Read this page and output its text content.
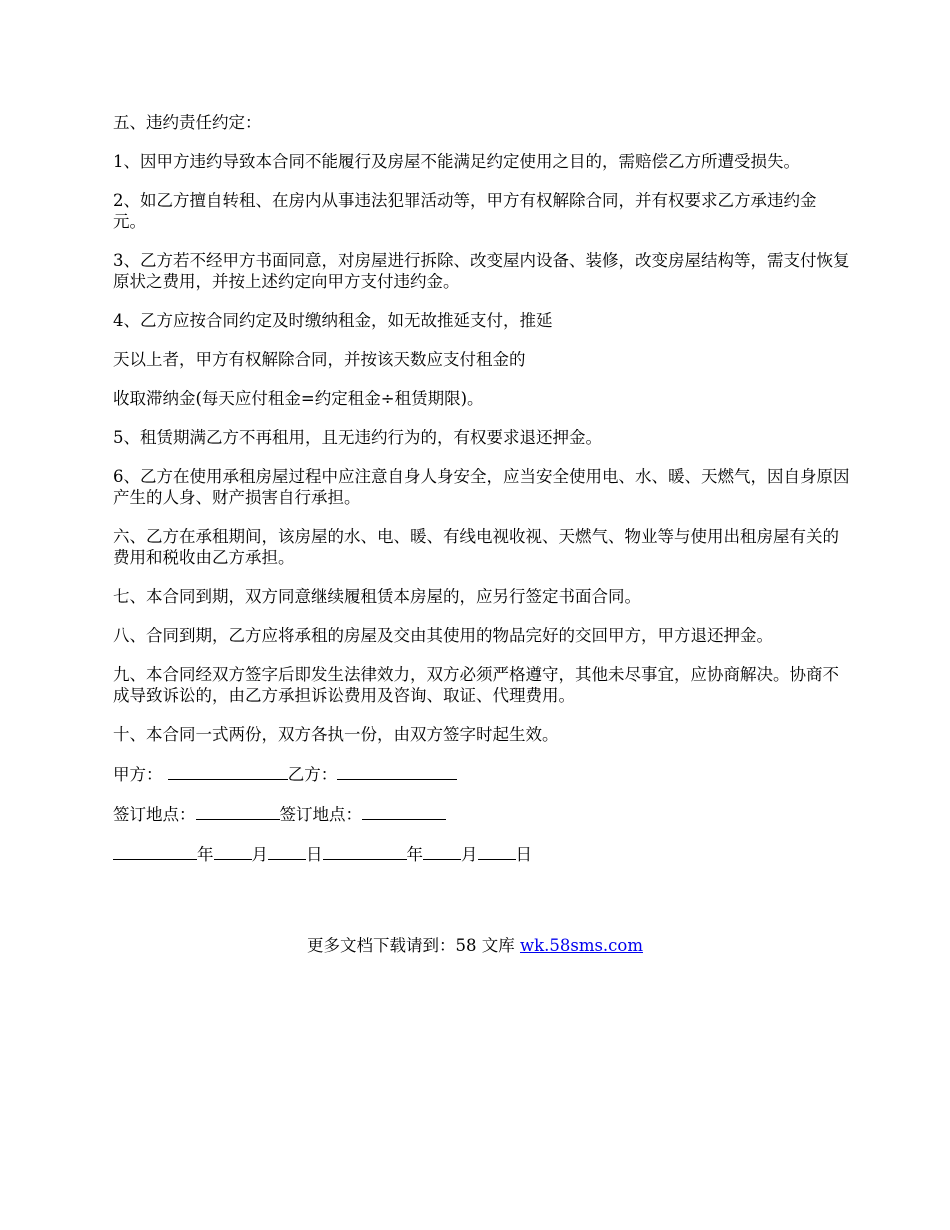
五、违约责任约定：

1、因甲方违约导致本合同不能履行及房屋不能满足约定使用之目的，需赔偿乙方所遭受损失。

2、如乙方擅自转租、在房内从事违法犯罪活动等，甲方有权解除合同，并有权要求乙方承违约金 元。

3、乙方若不经甲方书面同意，对房屋进行拆除、改变屋内设备、装修，改变房屋结构等，需支付恢复原状之费用，并按上述约定向甲方支付违约金。

4、乙方应按合同约定及时缴纳租金，如无故推延支付，推延

天以上者，甲方有权解除合同，并按该天数应支付租金的

收取滞纳金(每天应付租金=约定租金÷租赁期限)。

5、租赁期满乙方不再租用，且无违约行为的，有权要求退还押金。

6、乙方在使用承租房屋过程中应注意自身人身安全，应当安全使用电、水、暖、天燃气，因自身原因产生的人身、财产损害自行承担。

六、乙方在承租期间，该房屋的水、电、暖、有线电视收视、天燃气、物业等与使用出租房屋有关的费用和税收由乙方承担。

七、本合同到期，双方同意继续履租赁本房屋的，应另行签定书面合同。

八、合同到期，乙方应将承租的房屋及交由其使用的物品完好的交回甲方，甲方退还押金。

九、本合同经双方签字后即发生法律效力，双方必须严格遵守，其他未尽事宜，应协商解决。协商不成导致诉讼的，由乙方承担诉讼费用及咨询、取证、代理费用。

十、本合同一式两份，双方各执一份，由双方签字时起生效。

甲方：	乙方：
签订地点：	签订地点：
年 月 日	年 月 日
更多文档下载请到：58 文库 wk.58sms.com
